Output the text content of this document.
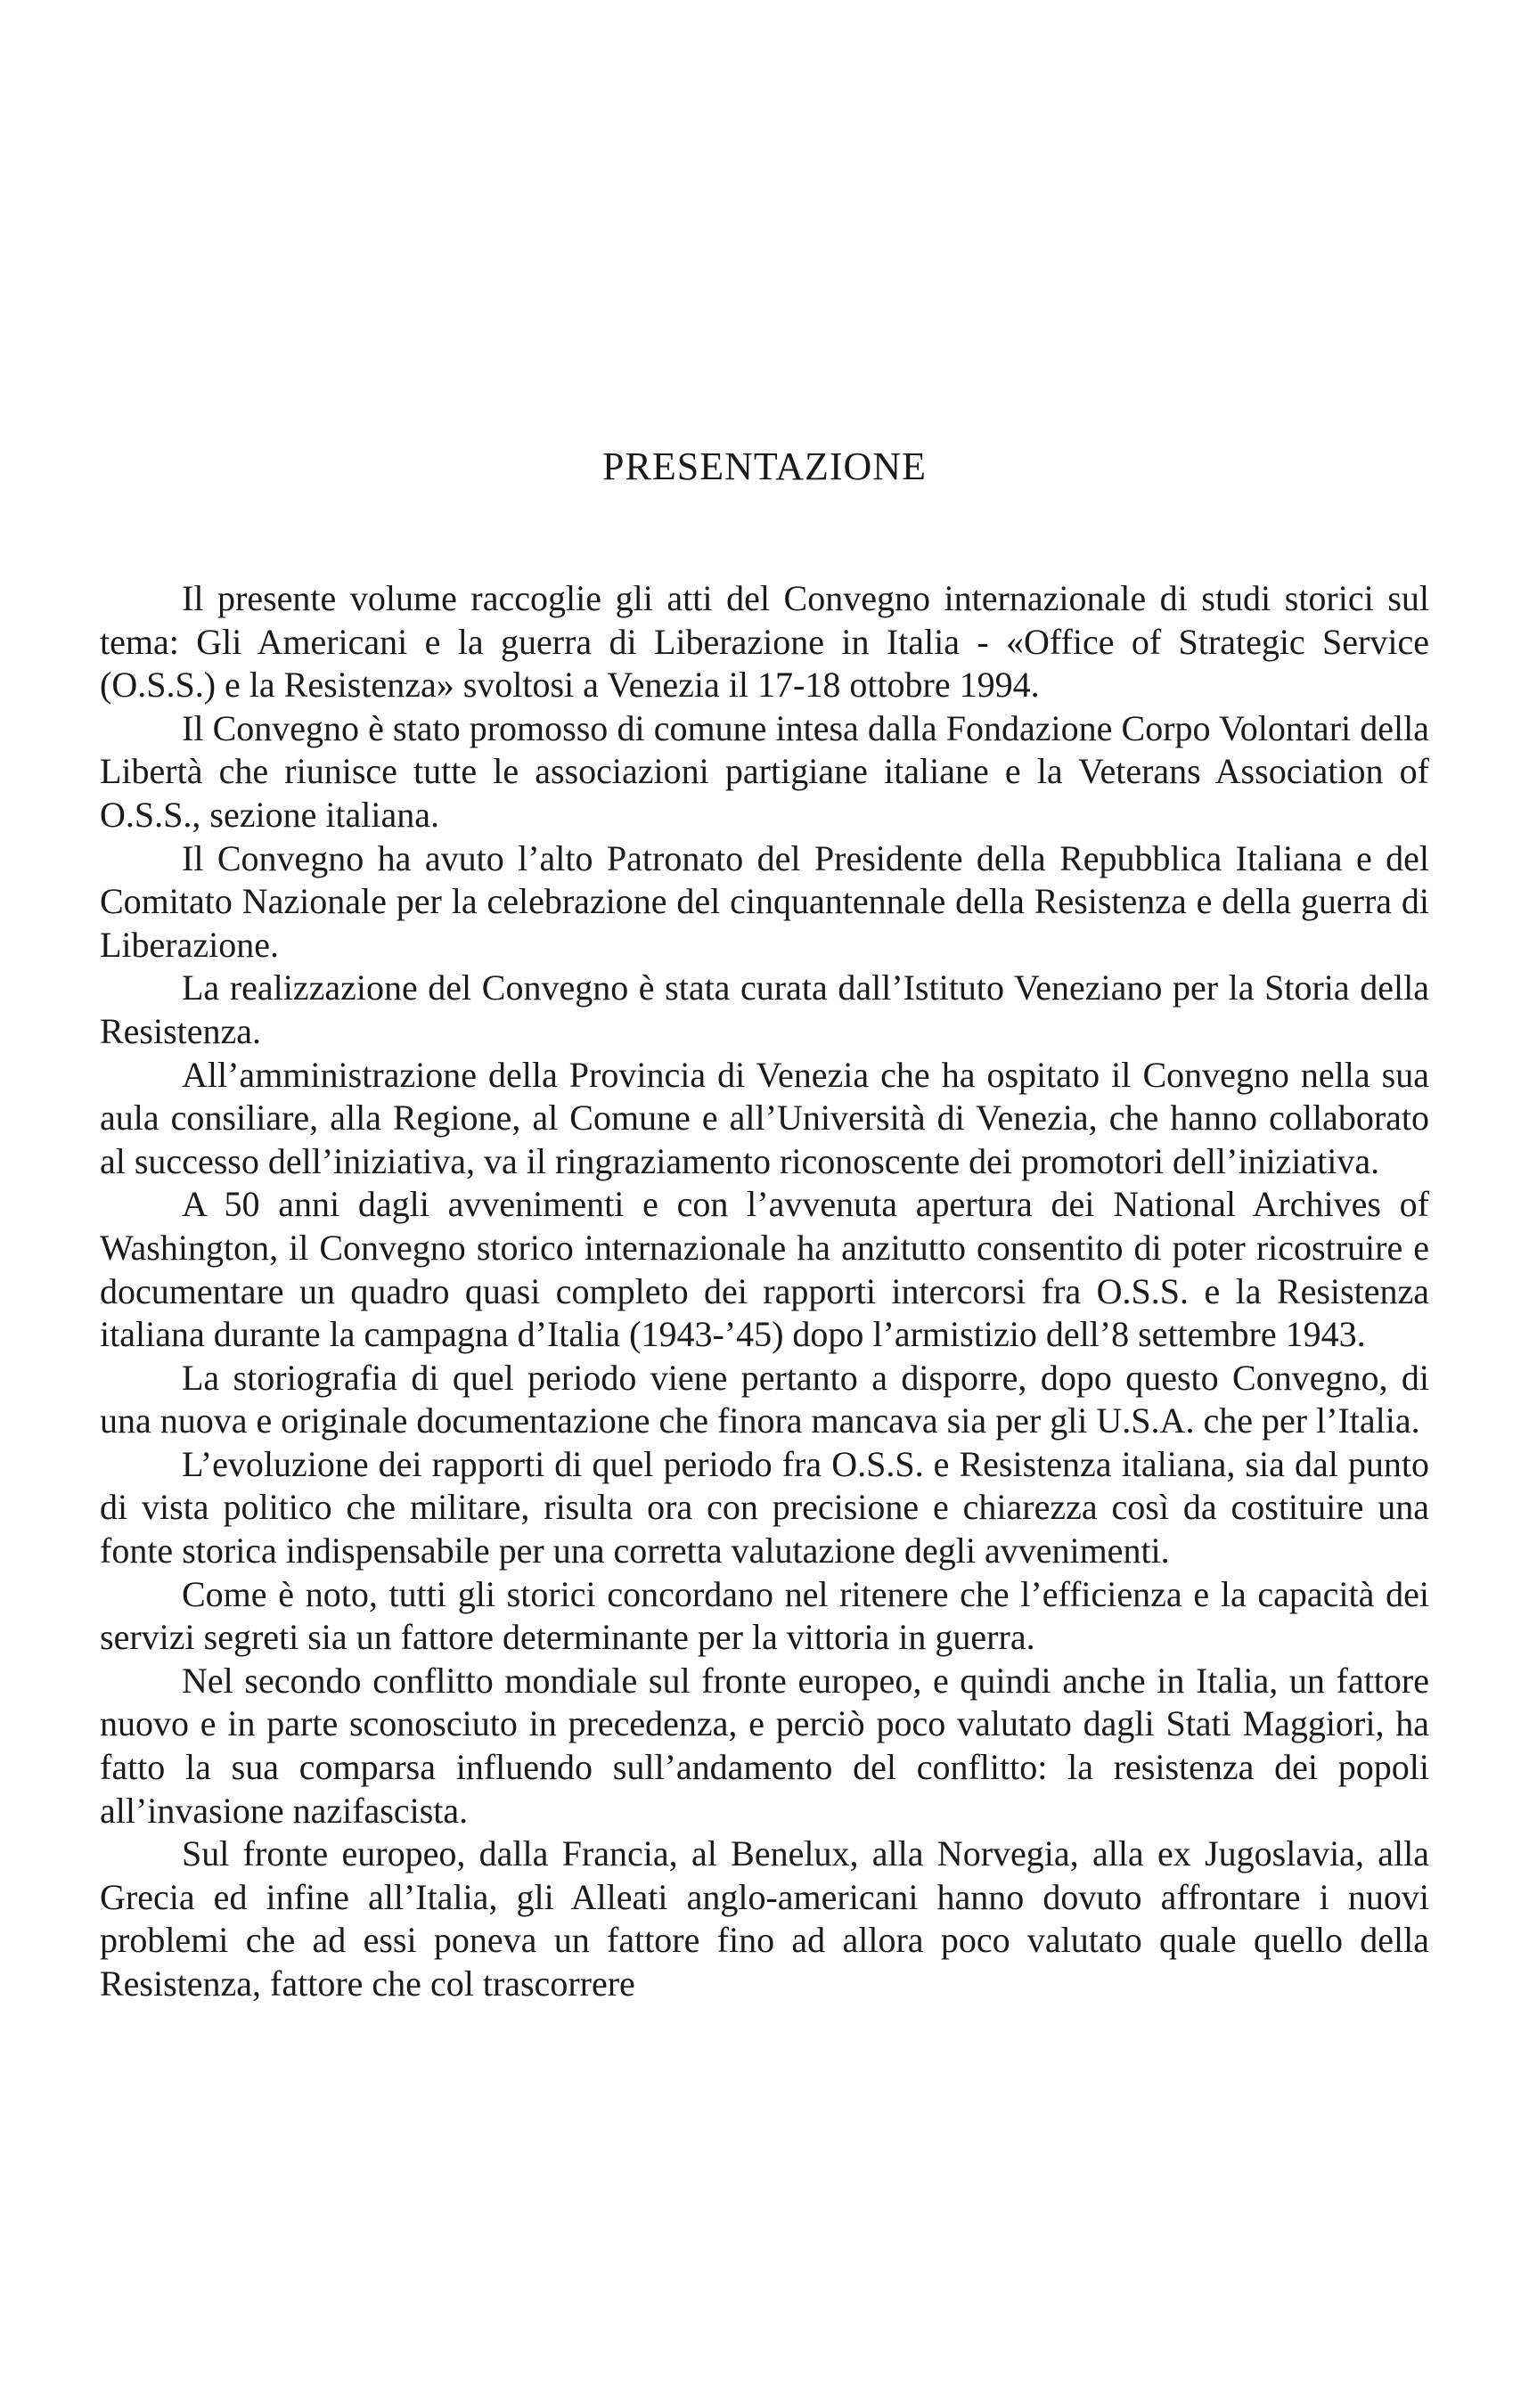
PRESENTAZIONE

Il presente volume raccoglie gli atti del Convegno internazionale di studi storici sul tema: Gli Americani e la guerra di Liberazione in Italia - «Office of Strategic Service (O.S.S.) e la Resistenza» svoltosi a Venezia il 17-18 ottobre 1994.

Il Convegno è stato promosso di comune intesa dalla Fondazione Corpo Volontari della Libertà che riunisce tutte le associazioni partigiane italiane e la Veterans Association of O.S.S., sezione italiana.

Il Convegno ha avuto l’alto Patronato del Presidente della Repubblica Italiana e del Comitato Nazionale per la celebrazione del cinquantennale della Resistenza e della guerra di Liberazione.

La realizzazione del Convegno è stata curata dall’Istituto Veneziano per la Storia della Resistenza.

All’amministrazione della Provincia di Venezia che ha ospitato il Convegno nella sua aula consiliare, alla Regione, al Comune e all’Università di Venezia, che hanno collaborato al successo dell’iniziativa, va il ringraziamento riconoscente dei promotori dell’iniziativa.

A 50 anni dagli avvenimenti e con l’avvenuta apertura dei National Archives of Washington, il Convegno storico internazionale ha anzitutto consentito di poter ricostruire e documentare un quadro quasi completo dei rapporti intercorsi fra O.S.S. e la Resistenza italiana durante la campagna d’Italia (1943-’45) dopo l’armistizio dell’8 settembre 1943.

La storiografia di quel periodo viene pertanto a disporre, dopo questo Convegno, di una nuova e originale documentazione che finora mancava sia per gli U.S.A. che per l’Italia.

L’evoluzione dei rapporti di quel periodo fra O.S.S. e Resistenza italiana, sia dal punto di vista politico che militare, risulta ora con precisione e chiarezza così da costituire una fonte storica indispensabile per una corretta valutazione degli avvenimenti.

Come è noto, tutti gli storici concordano nel ritenere che l’efficienza e la capacità dei servizi segreti sia un fattore determinante per la vittoria in guerra.

Nel secondo conflitto mondiale sul fronte europeo, e quindi anche in Italia, un fattore nuovo e in parte sconosciuto in precedenza, e perciò poco valutato dagli Stati Maggiori, ha fatto la sua comparsa influendo sull’andamento del conflitto: la resistenza dei popoli all’invasione nazifascista.

Sul fronte europeo, dalla Francia, al Benelux, alla Norvegia, alla ex Jugoslavia, alla Grecia ed infine all’Italia, gli Alleati anglo-americani hanno dovuto affrontare i nuovi problemi che ad essi poneva un fattore fino ad allora poco valutato quale quello della Resistenza, fattore che col trascorrere
